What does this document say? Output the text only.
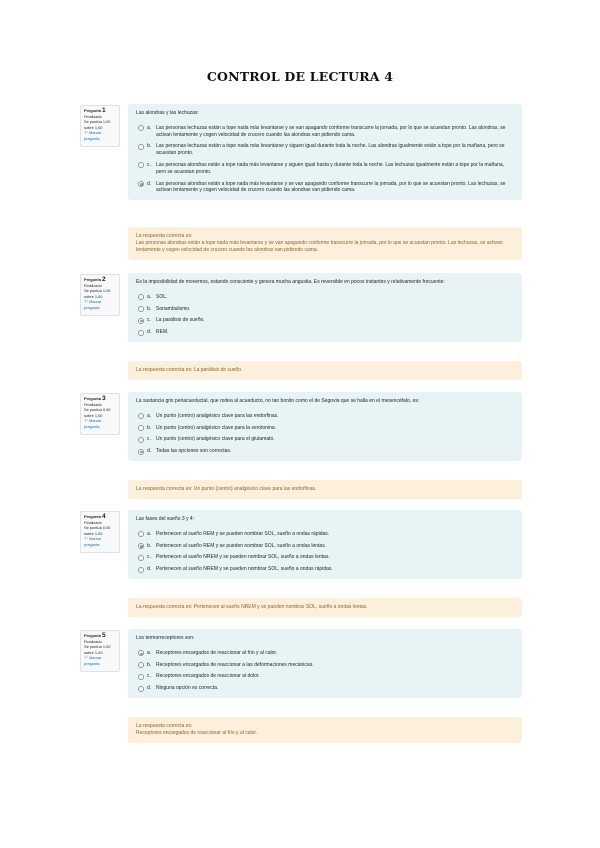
CONTROL DE LECTURA 4
Pregunta 1
Finalizado
Se puntúa 1,00
sobre 1,00
⚐ Marcar
pregunta
Las alondras y las lechuzas:
a. Las personas lechuzas están a tope nada más levantarse y se van apagando conforme transcurre la jornada, por lo que se acuestan pronto. Las alondras, se activan lentamente y cogen velocidad de crucero cuando las alondras van pidiendo cama.
b. Las personas lechuzas están a tope nada más levantarse y siguen igual durante toda la noche. Las alondras igualmente están a tope por la mañana, pero se acuestan pronto.
c.	Las personas alondras están a tope nada más levantarse y siguen igual hasta y durante toda la noche. Las lechuzas igualmente están a tope por la mañana, pero se acuestan pronto.
d. Las personas alondras están a tope nada más levantarse y se van apagando conforme transcurre la jornada, por lo que se acuestan pronto. Las lechuzas, se activan lentamente y cogen velocidad de crucero cuando las alondras van pidiendo cama.
La respuesta correcta es:
Las personas alondras están a tope nada más levantarse y se van apagando conforme transcurre la jornada, por lo que se acuestan pronto. Las lechuzas, se activan lentamente y cogen velocidad de crucero cuando las alondras van pidiendo cama.
Pregunta 2
Finalizado
Se puntúa 1,00
sobre 1,00
⚐ Marcar
pregunta
Es la imposibilidad de movernos, estando consciente y genera mucha angustia. Es reversible en pocos instantes y relativamente frecuente:
a. SOL.
b. Sonambulismo.
c.	La parálisis de sueño.
d. REM.
La respuesta correcta es: La parálisis de sueño.
Pregunta 3
Finalizado
Se puntúa 0,00
sobre 1,00
⚐ Marcar
pregunta
La sustancia gris periacueductal, que rodea al acueducto, no tan bonito como el de Segovia que se halla en el mesencéfalo, es:
a. Un punto (centro) analgésico clave para las endorfinas.
b. Un punto (centro) analgésico clave para la serotonina.
c.	Un punto (centro) analgésico clave para el glutamato.
d. Todas las opciones son correctas.
La respuesta correcta es: Un punto (centro) analgésico clave para las endorfinas.
Pregunta 4
Finalizado
Se puntúa 0,00
sobre 1,00
⚐ Marcar
pregunta
Las fases del sueño 3 y 4:
a. Pertenecen al sueño REM y se pueden nombrar SOL, sueño a ondas rápidas.
b. Pertenecen al sueño REM y se pueden nombrar SOL, sueño a ondas lentas.
c.	Pertenecen al sueño NREM y se pueden nombrar SOL, sueño a ondas lentas.
d. Pertenecen al sueño NREM y se pueden nombrar SOL, sueño a ondas rápidas.
La respuesta correcta es: Pertenecen al sueño NREM y se pueden nombrar SOL, sueño a ondas lentas.
Pregunta 5
Finalizado
Se puntúa 1,00
sobre 1,00
⚐ Marcar
pregunta
Los termorreceptores son:
a. Receptores encargados de reaccionar al frío y al calor.
b. Receptores encargados de reaccionar a las deformaciones mecánicas.
c.	Receptores encargados de reaccionar al dolor.
d. Ninguna opción es correcta.
La respuesta correcta es:
Receptores encargados de reaccionar al frío y al calor.
